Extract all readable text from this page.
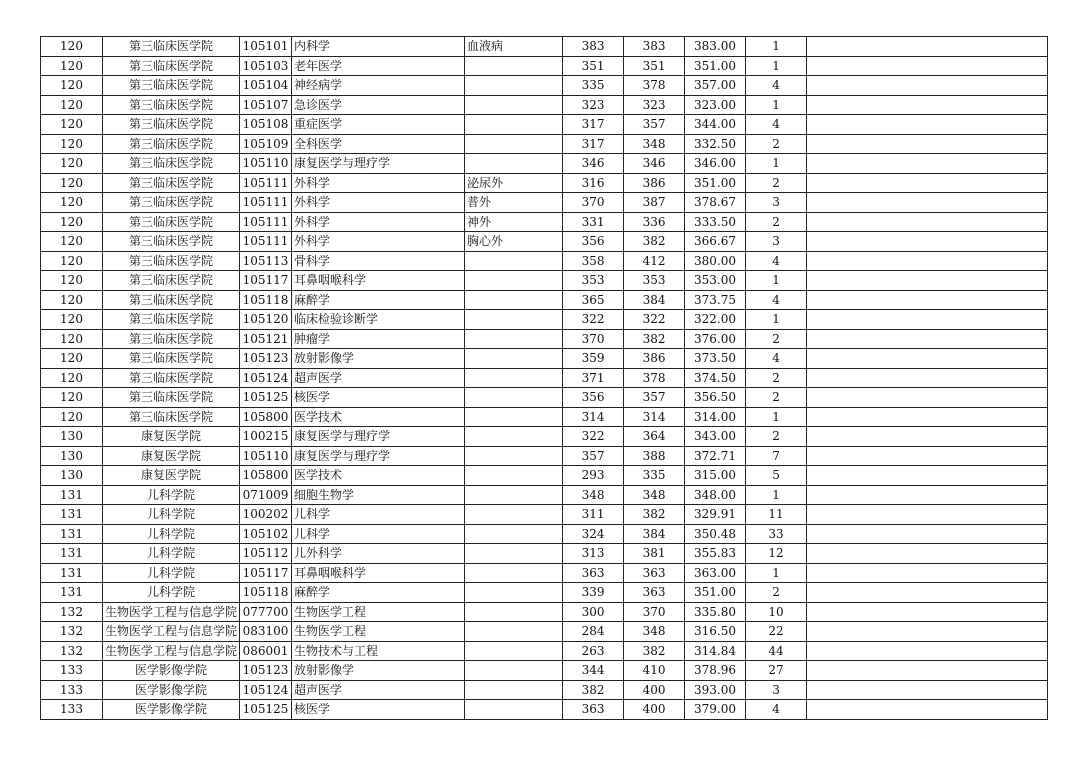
120	第三临床医学院	105101	内科学	血液病	383	383	383.00	1	
120	第三临床医学院	105103	老年医学		351	351	351.00	1	
120	第三临床医学院	105104	神经病学		335	378	357.00	4	
120	第三临床医学院	105107	急诊医学		323	323	323.00	1	
120	第三临床医学院	105108	重症医学		317	357	344.00	4	
120	第三临床医学院	105109	全科医学		317	348	332.50	2	
120	第三临床医学院	105110	康复医学与理疗学		346	346	346.00	1	
120	第三临床医学院	105111	外科学	泌尿外	316	386	351.00	2	
120	第三临床医学院	105111	外科学	普外	370	387	378.67	3	
120	第三临床医学院	105111	外科学	神外	331	336	333.50	2	
120	第三临床医学院	105111	外科学	胸心外	356	382	366.67	3	
120	第三临床医学院	105113	骨科学		358	412	380.00	4	
120	第三临床医学院	105117	耳鼻咽喉科学		353	353	353.00	1	
120	第三临床医学院	105118	麻醉学		365	384	373.75	4	
120	第三临床医学院	105120	临床检验诊断学		322	322	322.00	1	
120	第三临床医学院	105121	肿瘤学		370	382	376.00	2	
120	第三临床医学院	105123	放射影像学		359	386	373.50	4	
120	第三临床医学院	105124	超声医学		371	378	374.50	2	
120	第三临床医学院	105125	核医学		356	357	356.50	2	
120	第三临床医学院	105800	医学技术		314	314	314.00	1	
130	康复医学院	100215	康复医学与理疗学		322	364	343.00	2	
130	康复医学院	105110	康复医学与理疗学		357	388	372.71	7	
130	康复医学院	105800	医学技术		293	335	315.00	5	
131	儿科学院	071009	细胞生物学		348	348	348.00	1	
131	儿科学院	100202	儿科学		311	382	329.91	11	
131	儿科学院	105102	儿科学		324	384	350.48	33	
131	儿科学院	105112	儿外科学		313	381	355.83	12	
131	儿科学院	105117	耳鼻咽喉科学		363	363	363.00	1	
131	儿科学院	105118	麻醉学		339	363	351.00	2	
132	生物医学工程与信息学院	077700	生物医学工程		300	370	335.80	10	
132	生物医学工程与信息学院	083100	生物医学工程		284	348	316.50	22	
132	生物医学工程与信息学院	086001	生物技术与工程		263	382	314.84	44	
133	医学影像学院	105123	放射影像学		344	410	378.96	27	
133	医学影像学院	105124	超声医学		382	400	393.00	3	
133	医学影像学院	105125	核医学		363	400	379.00	4	
